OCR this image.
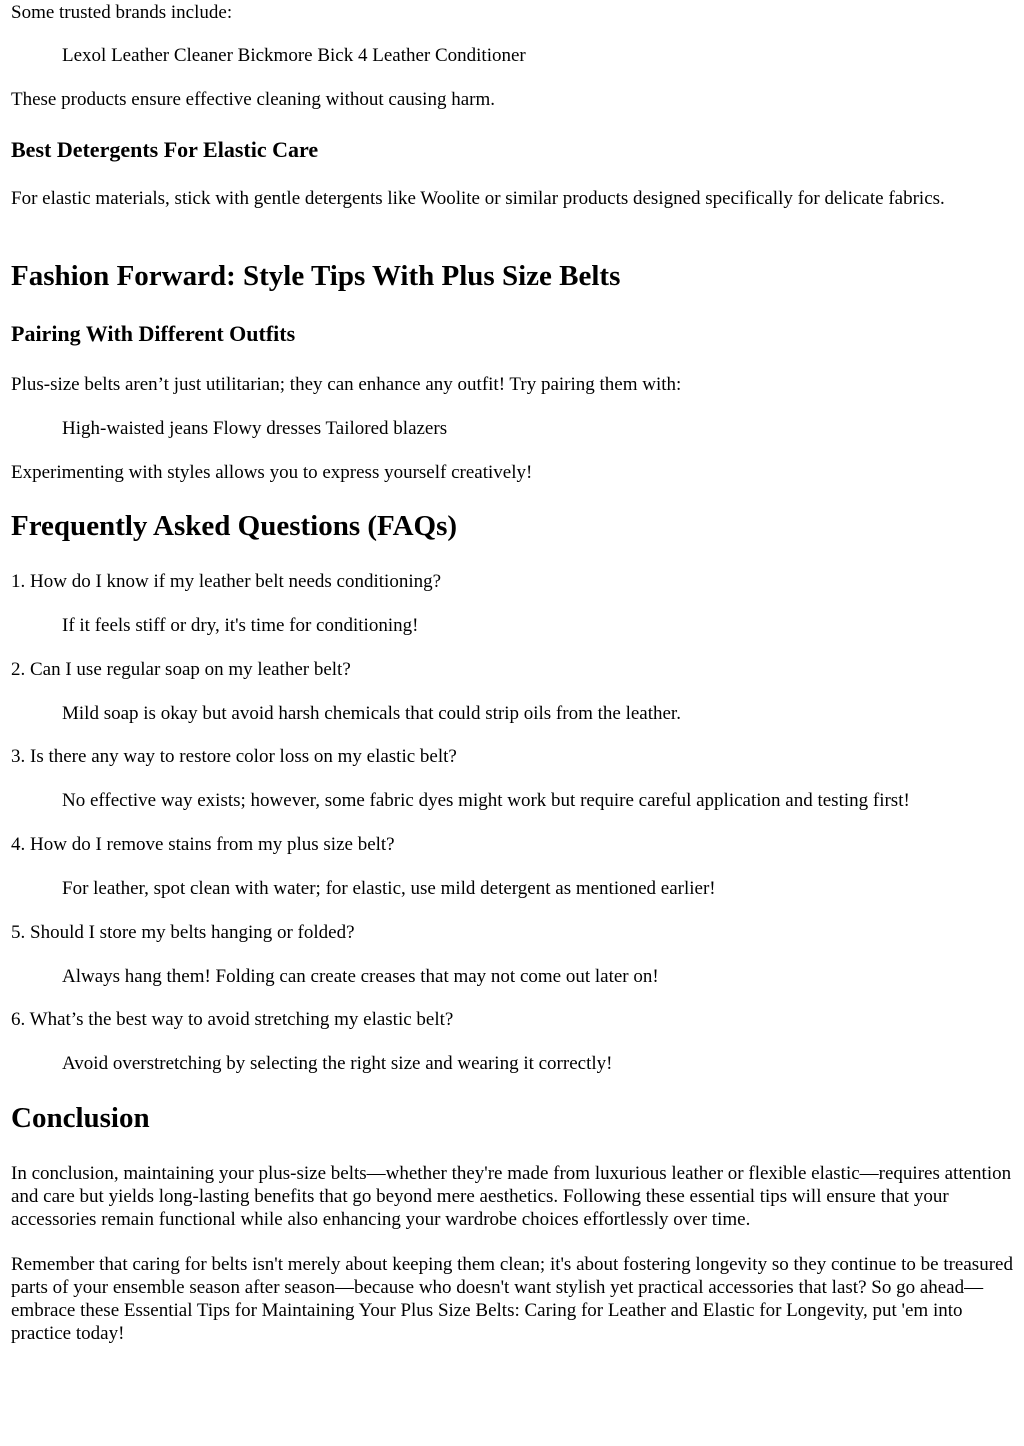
Some trusted brands include:

Lexol Leather Cleaner Bickmore Bick 4 Leather Conditioner

These products ensure effective cleaning without causing harm.

Best Detergents For Elastic Care

For elastic materials, stick with gentle detergents like Woolite or similar products designed specifically for delicate fabrics.

Fashion Forward: Style Tips With Plus Size Belts
Pairing With Different Outfits

Plus-size belts aren’t just utilitarian; they can enhance any outfit! Try pairing them with:

High-waisted jeans Flowy dresses Tailored blazers

Experimenting with styles allows you to express yourself creatively!

Frequently Asked Questions (FAQs)

1. How do I know if my leather belt needs conditioning?

If it feels stiff or dry, it's time for conditioning!

2. Can I use regular soap on my leather belt?

Mild soap is okay but avoid harsh chemicals that could strip oils from the leather.

3. Is there any way to restore color loss on my elastic belt?

No effective way exists; however, some fabric dyes might work but require careful application and testing first!

4. How do I remove stains from my plus size belt?

For leather, spot clean with water; for elastic, use mild detergent as mentioned earlier!

5. Should I store my belts hanging or folded?

Always hang them! Folding can create creases that may not come out later on!

6. What’s the best way to avoid stretching my elastic belt?

Avoid overstretching by selecting the right size and wearing it correctly!

Conclusion

In conclusion, maintaining your plus-size belts—whether they're made from luxurious leather or flexible elastic—requires attention and care but yields long-lasting benefits that go beyond mere aesthetics. Following these essential tips will ensure that your accessories remain functional while also enhancing your wardrobe choices effortlessly over time.

Remember that caring for belts isn't merely about keeping them clean; it's about fostering longevity so they continue to be treasured parts of your ensemble season after season—because who doesn't want stylish yet practical accessories that last? So go ahead—embrace these Essential Tips for Maintaining Your Plus Size Belts: Caring for Leather and Elastic for Longevity, put 'em into practice today!
